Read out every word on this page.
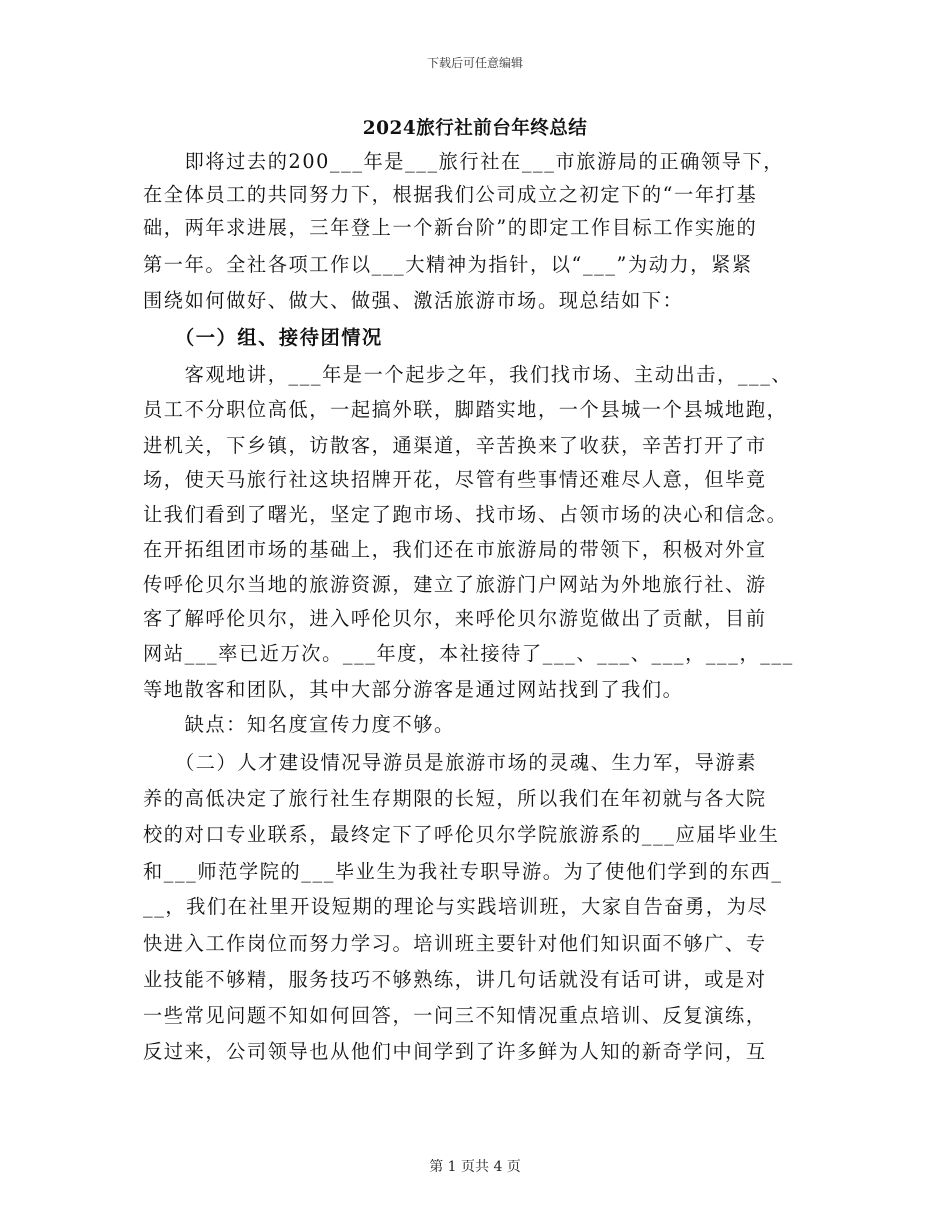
下载后可任意编辑
2024旅行社前台年终总结
　　即将过去的200___年是___旅行社在___市旅游局的正确领导下，
在全体员工的共同努力下，根据我们公司成立之初定下的“一年打基
础，两年求进展，三年登上一个新台阶”的即定工作目标工作实施的
第一年。全社各项工作以___大精神为指针，以“___”为动力，紧紧
围绕如何做好、做大、做强、激活旅游市场。现总结如下：
　　（一）组、接待团情况
　　客观地讲，___年是一个起步之年，我们找市场、主动出击，___、
员工不分职位高低，一起搞外联，脚踏实地，一个县城一个县城地跑，
进机关，下乡镇，访散客，通渠道，辛苦换来了收获，辛苦打开了市
场，使天马旅行社这块招牌开花，尽管有些事情还难尽人意，但毕竟
让我们看到了曙光，坚定了跑市场、找市场、占领市场的决心和信念。
在开拓组团市场的基础上，我们还在市旅游局的带领下，积极对外宣
传呼伦贝尔当地的旅游资源，建立了旅游门户网站为外地旅行社、游
客了解呼伦贝尔，进入呼伦贝尔，来呼伦贝尔游览做出了贡献，目前
网站___率已近万次。___年度，本社接待了___、___、___，___，___
等地散客和团队，其中大部分游客是通过网站找到了我们。
　　缺点：知名度宣传力度不够。
　　（二）人才建设情况导游员是旅游市场的灵魂、生力军，导游素
养的高低决定了旅行社生存期限的长短，所以我们在年初就与各大院
校的对口专业联系，最终定下了呼伦贝尔学院旅游系的___应届毕业生
和___师范学院的___毕业生为我社专职导游。为了使他们学到的东西_
__，我们在社里开设短期的理论与实践培训班，大家自告奋勇，为尽
快进入工作岗位而努力学习。培训班主要针对他们知识面不够广、专
业技能不够精，服务技巧不够熟练，讲几句话就没有话可讲，或是对
一些常见问题不知如何回答，一问三不知情况重点培训、反复演练，
反过来，公司领导也从他们中间学到了许多鲜为人知的新奇学问，互
第 1 页共 4 页
